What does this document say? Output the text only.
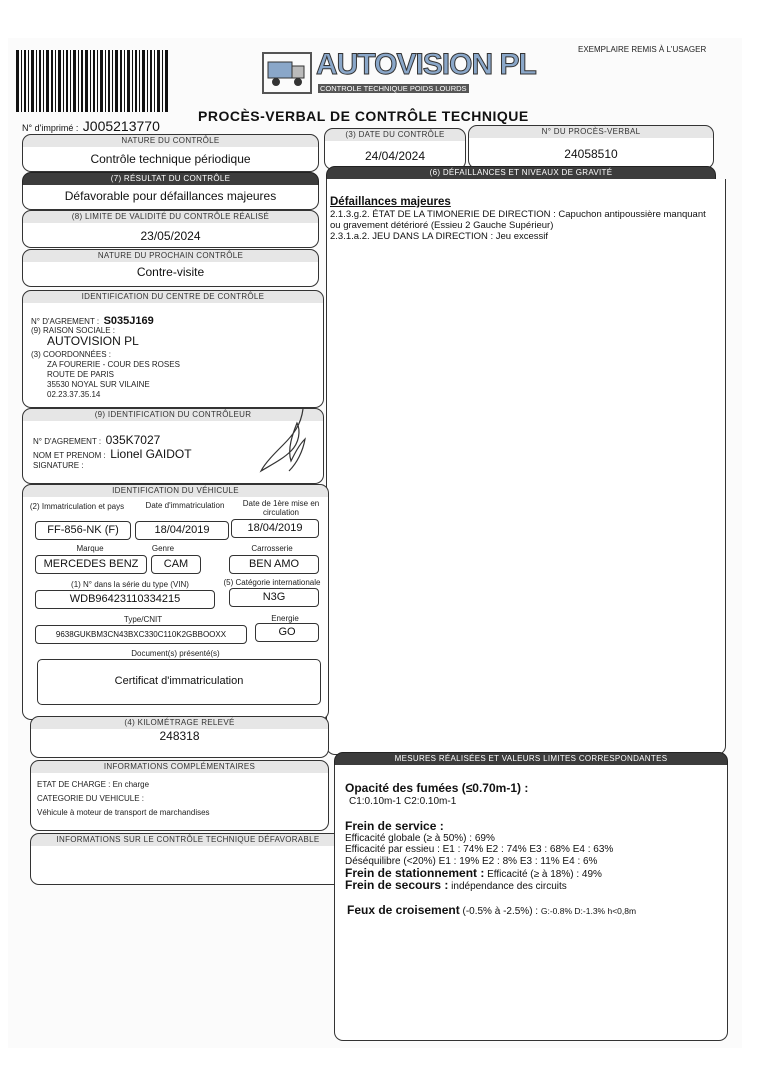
AUTOVISION PL
CONTROLE TECHNIQUE POIDS LOURDS
EXEMPLAIRE REMIS À L'USAGER
N° d'imprimé : J005213770
PROCÈS-VERBAL DE CONTRÔLE TECHNIQUE
NATURE DU CONTRÔLE
Contrôle technique périodique
(3) DATE DU CONTRÔLE
24/04/2024
N° DU PROCÈS-VERBAL
24058510
(7) RÉSULTAT DU CONTRÔLE
Défavorable pour défaillances majeures
(8) LIMITE DE VALIDITÉ DU CONTRÔLE RÉALISÉ
23/05/2024
NATURE DU PROCHAIN CONTRÔLE
Contre-visite
(6) DÉFAILLANCES ET NIVEAUX DE GRAVITÉ
Défaillances majeures
2.1.3.g.2. ÉTAT DE LA TIMONERIE DE DIRECTION : Capuchon antipoussière manquant
ou gravement détérioré (Essieu 2 Gauche Supérieur)
2.3.1.a.2. JEU DANS LA DIRECTION : Jeu excessif
IDENTIFICATION DU CENTRE DE CONTRÔLE
N° D'AGREMENT : S035J169
(9) RAISON SOCIALE :
AUTOVISION PL
(3) COORDONNÉES :
ZA FOURERIE - COUR DES ROSES
ROUTE DE PARIS
35530 NOYAL SUR VILAINE
02.23.37.35.14
(9) IDENTIFICATION DU CONTRÔLEUR
N° D'AGREMENT : 035K7027
NOM ET PRENOM : Lionel GAIDOT
SIGNATURE :
IDENTIFICATION DU VÉHICULE
(2) Immatriculation et pays	Date d'immatriculation	Date de 1ère mise en circulation
FF-856-NK (F)	18/04/2019	18/04/2019
Marque	Genre	Carrosserie
MERCEDES BENZ	CAM	BEN AMO
(1) N° dans la série du type (VIN)	(5) Catégorie internationale
WDB96423110334215	N3G
Type/CNIT	Energie
9638GUKBM3CN43BXC330C110K2GBBOOXX	GO
Document(s) présenté(s)
Certificat d'immatriculation
(4) KILOMÉTRAGE RELEVÉ
248318
INFORMATIONS COMPLÉMENTAIRES
ETAT DE CHARGE : En charge
CATEGORIE DU VEHICULE :
Véhicule à moteur de transport de marchandises
INFORMATIONS SUR LE CONTRÔLE TECHNIQUE DÉFAVORABLE
MESURES RÉALISÉES ET VALEURS LIMITES CORRESPONDANTES
Opacité des fumées (≤0.70m-1) :
C1:0.10m-1 C2:0.10m-1
Frein de service :
Efficacité globale (≥ à 50%) : 69%
Efficacité par essieu : E1 : 74% E2 : 74% E3 : 68% E4 : 63%
Déséquilibre (<20%) E1 : 19% E2 : 8% E3 : 11% E4 : 6%
Frein de stationnement : Efficacité (≥ à 18%) : 49%
Frein de secours : indépendance des circuits
Feux de croisement (-0.5% à -2.5%) : G:-0.8% D:-1.3% h<0,8m
